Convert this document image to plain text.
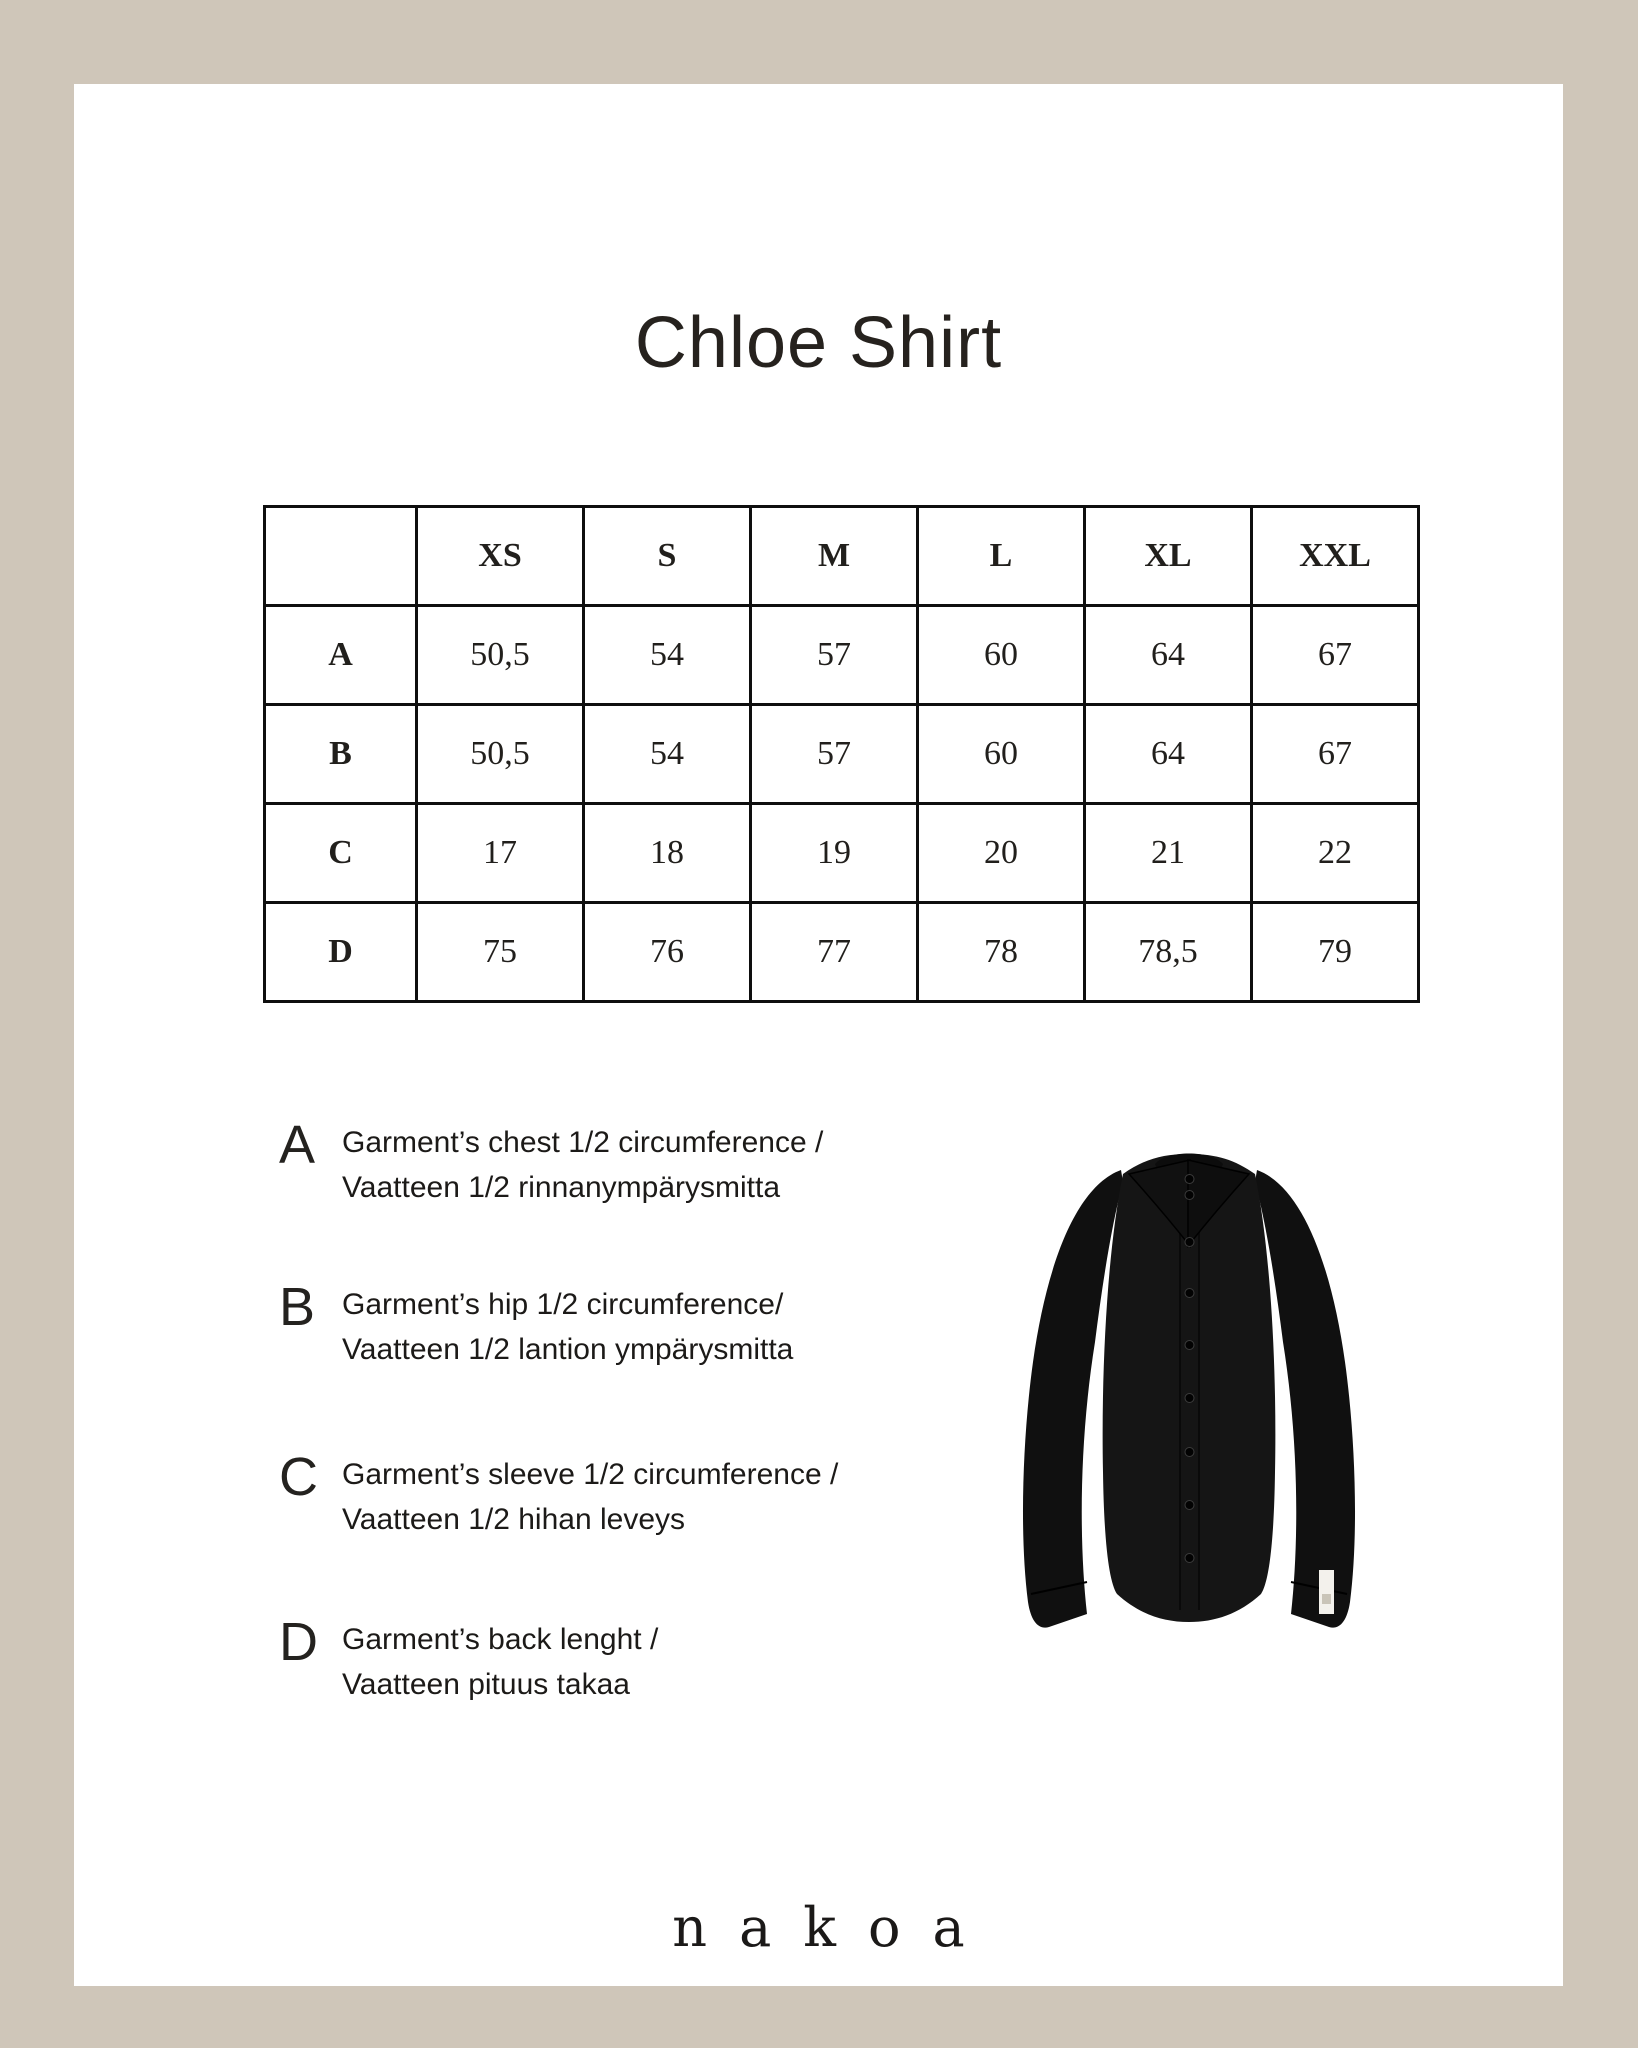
Chloe Shirt
	XS	S	M	L	XL	XXL
A	50,5	54	57	60	64	67
B	50,5	54	57	60	64	67
C	17	18	19	20	21	22
D	75	76	77	78	78,5	79
A Garment’s chest 1/2 circumference /
Vaatteen 1/2 rinnanympärysmitta
B Garment’s hip 1/2 circumference/
Vaatteen 1/2 lantion ympärysmitta
C Garment’s sleeve 1/2 circumference /
Vaatteen 1/2 hihan leveys
D Garment’s back lenght /
Vaatteen pituus takaa
nakoa
